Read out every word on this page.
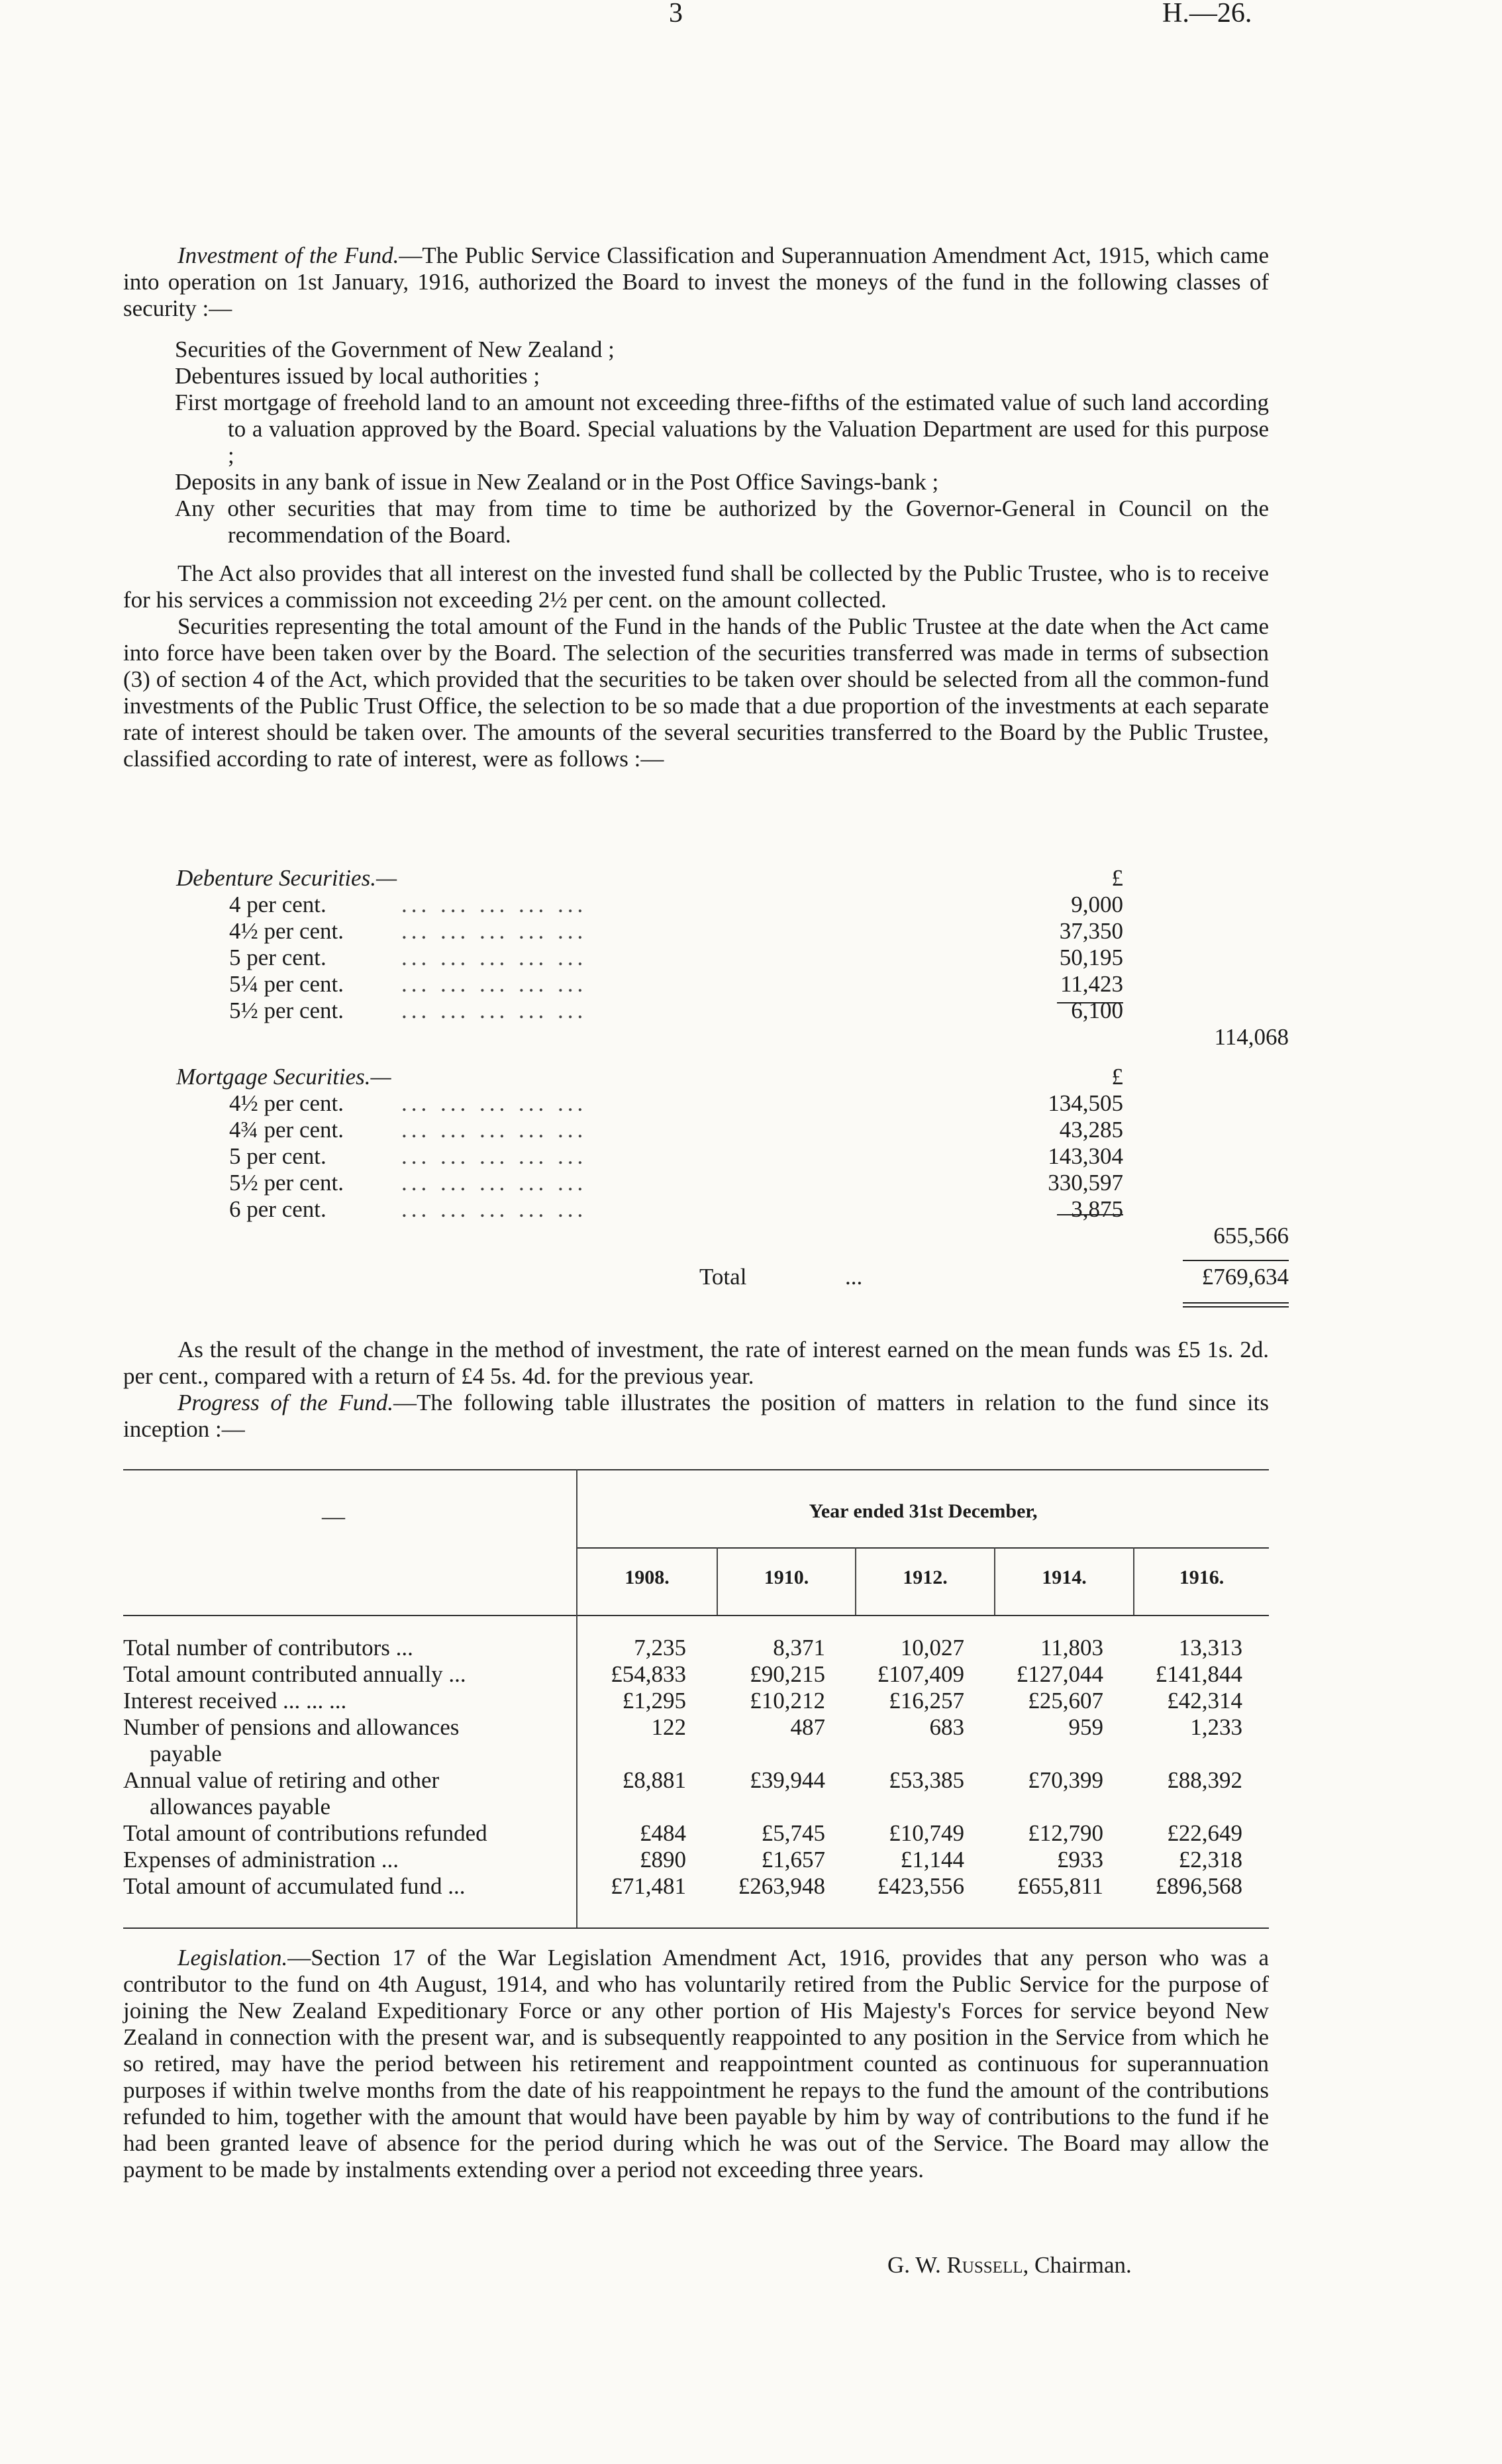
3	H.—26.

Investment of the Fund.—The Public Service Classification and Superannuation Amendment Act, 1915, which came into operation on 1st January, 1916, authorized the Board to invest the moneys of the fund in the following classes of security :—

Securities of the Government of New Zealand ;

Debentures issued by local authorities ;

First mortgage of freehold land to an amount not exceeding three-fifths of the estimated value of such land according to a valuation approved by the Board. Special valuations by the Valuation Department are used for this purpose ;

Deposits in any bank of issue in New Zealand or in the Post Office Savings-bank ;

Any other securities that may from time to time be authorized by the Governor-General in Council on the recommendation of the Board.

The Act also provides that all interest on the invested fund shall be collected by the Public Trustee, who is to receive for his services a commission not exceeding 2½ per cent. on the amount collected.

Securities representing the total amount of the Fund in the hands of the Public Trustee at the date when the Act came into force have been taken over by the Board. The selection of the securities transferred was made in terms of subsection (3) of section 4 of the Act, which provided that the securities to be taken over should be selected from all the common-fund investments of the Public Trust Office, the selection to be so made that a due proportion of the investments at each separate rate of interest should be taken over. The amounts of the several securities transferred to the Board by the Public Trustee, classified according to rate of interest, were as follows :—

Debenture Securities.—	£
4 per cent.	... ... ... ... ...	9,000
4½ per cent. ... ... ... ... ...	37,350
5 per cent.	... ... ... ... ...	50,195
5¼ per cent. ... ... ... ... ...	11,423
5½ per cent. ... ... ... ... ...	6,100
114,068
Mortgage Securities.—	£
4½ per cent. ... ... ... ... ...	134,505
4¾ per cent. ... ... ... ... ...	43,285
5 per cent.	... ... ... ... ...	143,304
5½ per cent. ... ... ... ... ...	330,597
6 per cent.	... ... ... ... ...	3,875
655,566
Total	...	£769,634

As the result of the change in the method of investment, the rate of interest earned on the mean funds was £5 1s. 2d. per cent., compared with a return of £4 5s. 4d. for the previous year.

Progress of the Fund.—The following table illustrates the position of matters in relation to the fund since its inception :—

—	Year ended 31st December,
1908.	1910.	1912.	1914.	1916.
Total number of contributors ...	7,235	8,371	10,027	11,803	13,313
Total amount contributed annually ...	£54,833	£90,215	£107,409	£127,044	£141,844
Interest received ... ... ...	£1,295	£10,212	£16,257	£25,607	£42,314
Number of pensions and allowances
payable
122	487	683	959	1,233
Annual value of retiring and other
allowances payable
£8,881	£39,944	£53,385	£70,399	£88,392
Total amount of contributions refunded	£484	£5,745	£10,749	£12,790	£22,649
Expenses of administration ...	£890	£1,657	£1,144	£933	£2,318
Total amount of accumulated fund ...	£71,481	£263,948	£423,556	£655,811	£896,568

Legislation.—Section 17 of the War Legislation Amendment Act, 1916, provides that any person who was a contributor to the fund on 4th August, 1914, and who has voluntarily retired from the Public Service for the purpose of joining the New Zealand Expeditionary Force or any other portion of His Majesty's Forces for service beyond New Zealand in connection with the present war, and is subsequently reappointed to any position in the Service from which he so retired, may have the period between his retirement and reappointment counted as continuous for superannuation purposes if within twelve months from the date of his reappointment he repays to the fund the amount of the contributions refunded to him, together with the amount that would have been payable by him by way of contributions to the fund if he had been granted leave of absence for the period during which he was out of the Service. The Board may allow the payment to be made by instalments extending over a period not exceeding three years.

G. W. Russell, Chairman.
